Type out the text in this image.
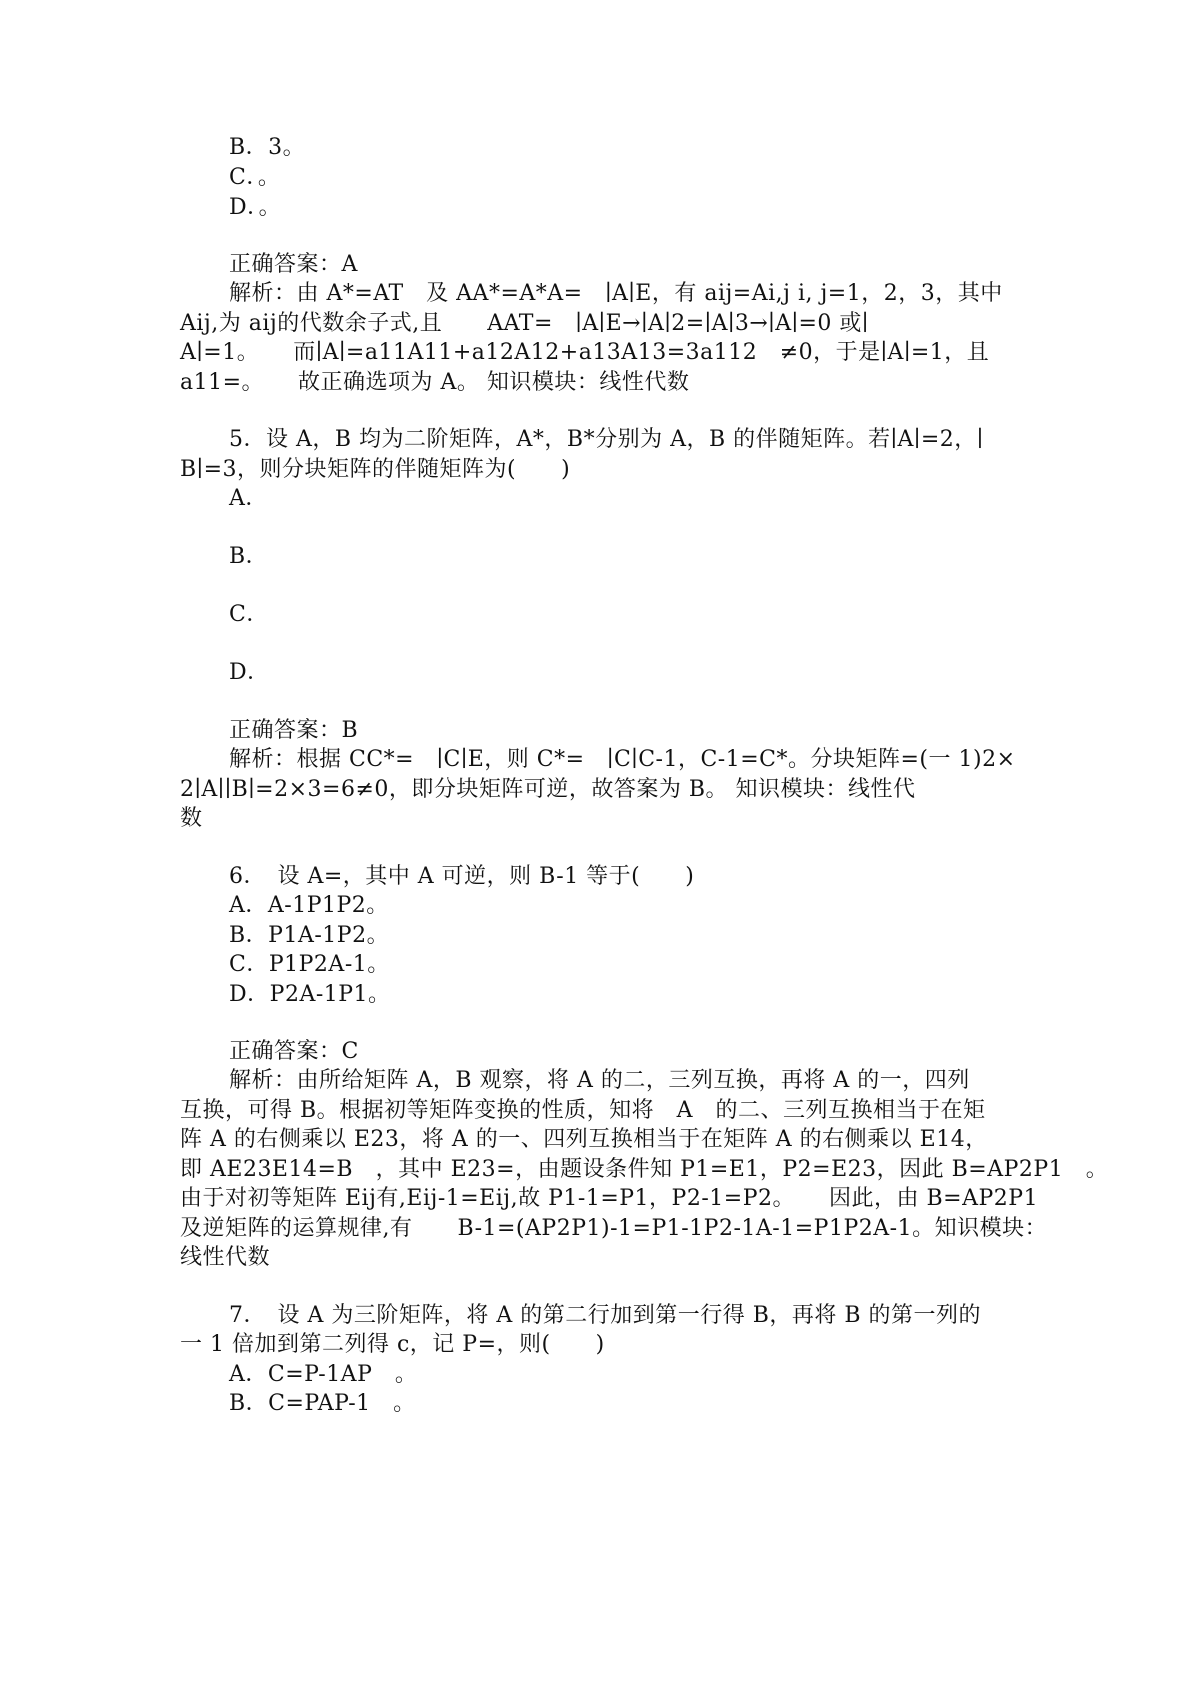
B．3。
C．。
D．。
正确答案：A
解析：由 A*=AT　及 AA*=A*A=　∣A∣E，有 aij=Ai,j i, j=1，2，3，其中
Aij,为 aij的代数余子式,且　　AAT=　∣A∣E→∣A∣2=∣A∣3→∣A∣=0 或∣
A∣=1。　　而∣A∣=a11A11+a12A12+a13A13=3a112　≠0，于是∣A∣=1，且
a11=。　　故正确选项为 A。 知识模块：线性代数
5．设 A，B 均为二阶矩阵，A*，B*分别为 A，B 的伴随矩阵。若∣A∣=2，∣
B∣=3，则分块矩阵的伴随矩阵为(　　)
A．
B．
C．
D．
正确答案：B
解析：根据 CC*=　∣C∣E，则 C*=　∣C∣C-1，C-1=C*。分块矩阵=(一 1)2×
2∣A∣∣B∣=2×3=6≠0，即分块矩阵可逆，故答案为 B。 知识模块：线性代
数
6．　设 A=，其中 A 可逆，则 B-1 等于(　　)
A．A-1P1P2。
B．P1A-1P2。
C．P1P2A-1。
D．P2A-1P1。
正确答案：C
解析：由所给矩阵 A，B 观察，将 A 的二，三列互换，再将 A 的一，四列
互换，可得 B。根据初等矩阵变换的性质，知将　A　的二、三列互换相当于在矩
阵 A 的右侧乘以 E23，将 A 的一、四列互换相当于在矩阵 A 的右侧乘以 E14，
即 AE23E14=B　，其中 E23=，由题设条件知 P1=E1，P2=E23，因此 B=AP2P1　。
由于对初等矩阵 Eij有,Eij-1=Eij,故 P1-1=P1，P2-1=P2。　　因此，由 B=AP2P1
及逆矩阵的运算规律,有　　B-1=(AP2P1)-1=P1-1P2-1A-1=P1P2A-1。知识模块：
线性代数
7．　设 A 为三阶矩阵，将 A 的第二行加到第一行得 B，再将 B 的第一列的
一 1 倍加到第二列得 c，记 P=，则(　　)
A．C=P-1AP　。
B．C=PAP-1　。
